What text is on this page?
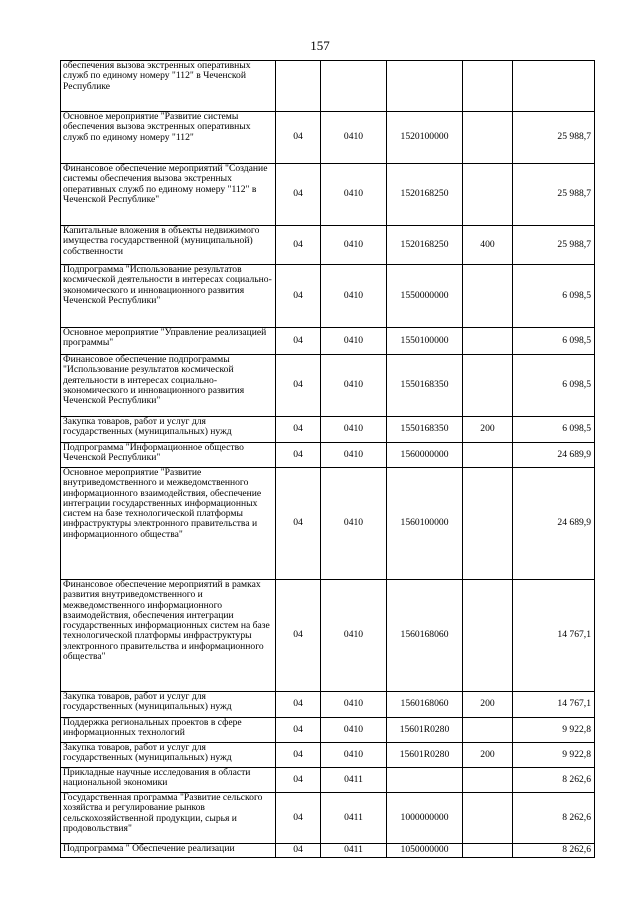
157
обеспечения вызова экстренных оперативных служб по единому номеру "112" в Чеченской Республике					
Основное мероприятие "Развитие системы обеспечения вызова экстренных оперативных служб по единому номеру "112"	04	0410	1520100000		25 988,7
Финансовое обеспечение мероприятий "Создание системы обеспечения вызова экстренных оперативных служб по единому номеру "112" в Чеченской Республике"	04	0410	1520168250		25 988,7
Капитальные вложения в объекты недвижимого имущества государственной (муниципальной) собственности	04	0410	1520168250	400	25 988,7
Подпрограмма "Использование результатов космической деятельности в интересах социально-экономического и инновационного развития Чеченской Республики"	04	0410	1550000000		6 098,5
Основное мероприятие "Управление реализацией программы"	04	0410	1550100000		6 098,5
Финансовое обеспечение подпрограммы "Использование результатов космической деятельности в интересах социально-экономического и инновационного развития Чеченской Республики"	04	0410	1550168350		6 098,5
Закупка товаров, работ и услуг для государственных (муниципальных) нужд	04	0410	1550168350	200	6 098,5
Подпрограмма "Информационное общество Чеченской Республики"	04	0410	1560000000		24 689,9
Основное мероприятие "Развитие внутриведомственного и межведомственного информационного взаимодействия, обеспечение интеграции государственных информационных систем на базе технологической платформы инфраструктуры электронного правительства и информационного общества"	04	0410	1560100000		24 689,9
Финансовое обеспечение мероприятий в рамках развития внутриведомственного и межведомственного информационного взаимодействия, обеспечения интеграции государственных информационных систем на базе технологической платформы инфраструктуры электронного правительства и информационного общества"	04	0410	1560168060		14 767,1
Закупка товаров, работ и услуг для государственных (муниципальных) нужд	04	0410	1560168060	200	14 767,1
Поддержка региональных проектов в сфере информационных технологий	04	0410	15601R0280		9 922,8
Закупка товаров, работ и услуг для государственных (муниципальных) нужд	04	0410	15601R0280	200	9 922,8
Прикладные научные исследования в области национальной экономики	04	0411			8 262,6
Государственная программа "Развитие сельского хозяйства и регулирование рынков сельскохозяйственной продукции, сырья и продовольствия"	04	0411	1000000000		8 262,6
Подпрограмма " Обеспечение реализации	04	0411	1050000000		8 262,6
